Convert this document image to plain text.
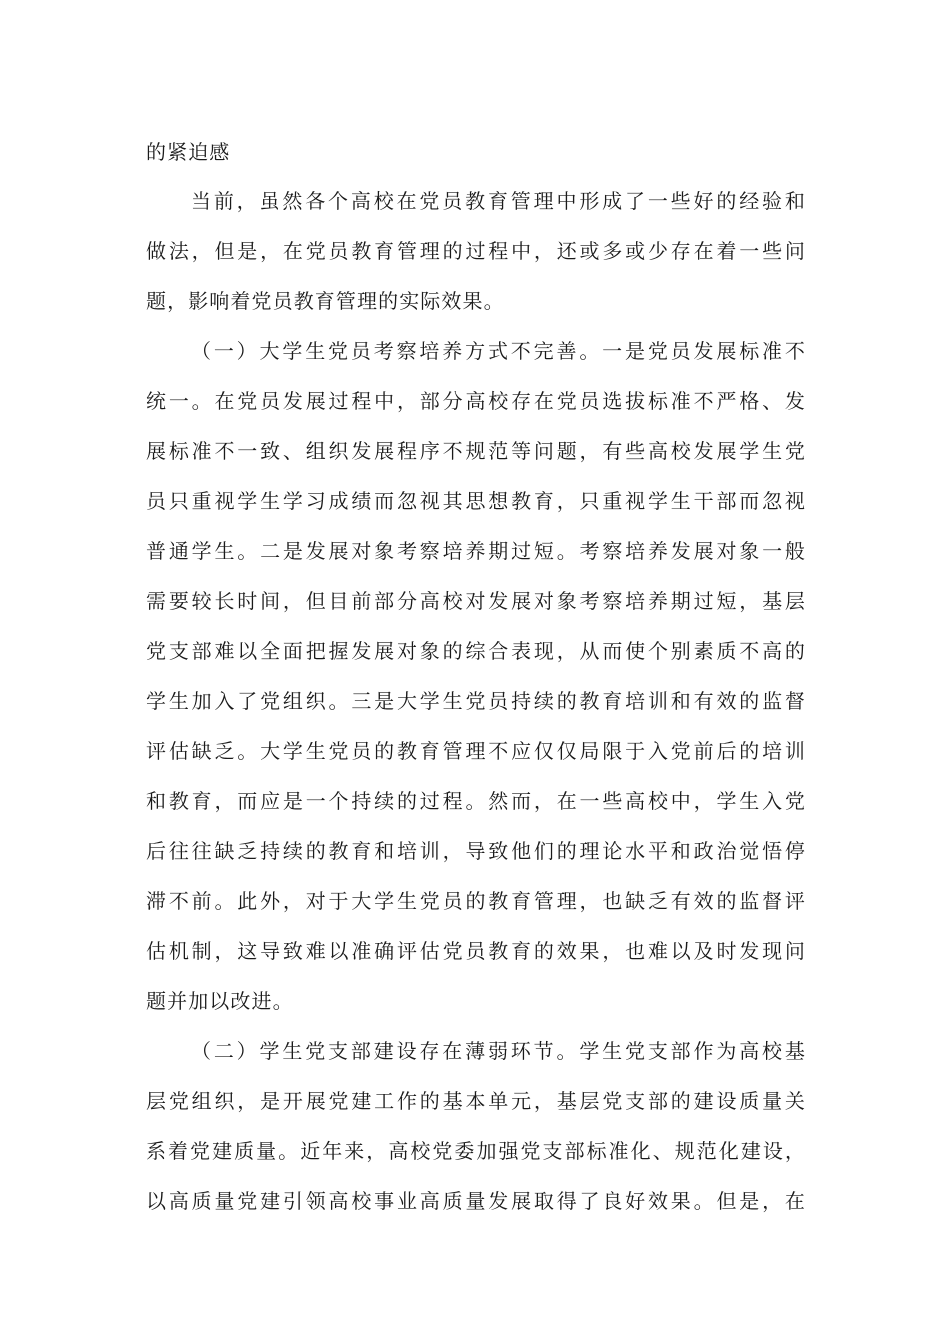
的紧迫感
当前，虽然各个高校在党员教育管理中形成了一些好的经验和
做法，但是，在党员教育管理的过程中，还或多或少存在着一些问
题，影响着党员教育管理的实际效果。
（一）大学生党员考察培养方式不完善。一是党员发展标准不
统一。在党员发展过程中，部分高校存在党员选拔标准不严格、发
展标准不一致、组织发展程序不规范等问题，有些高校发展学生党
员只重视学生学习成绩而忽视其思想教育，只重视学生干部而忽视
普通学生。二是发展对象考察培养期过短。考察培养发展对象一般
需要较长时间，但目前部分高校对发展对象考察培养期过短，基层
党支部难以全面把握发展对象的综合表现，从而使个别素质不高的
学生加入了党组织。三是大学生党员持续的教育培训和有效的监督
评估缺乏。大学生党员的教育管理不应仅仅局限于入党前后的培训
和教育，而应是一个持续的过程。然而，在一些高校中，学生入党
后往往缺乏持续的教育和培训，导致他们的理论水平和政治觉悟停
滞不前。此外，对于大学生党员的教育管理，也缺乏有效的监督评
估机制，这导致难以准确评估党员教育的效果，也难以及时发现问
题并加以改进。
（二）学生党支部建设存在薄弱环节。学生党支部作为高校基
层党组织，是开展党建工作的基本单元，基层党支部的建设质量关
系着党建质量。近年来，高校党委加强党支部标准化、规范化建设，
以高质量党建引领高校事业高质量发展取得了良好效果。但是，在
